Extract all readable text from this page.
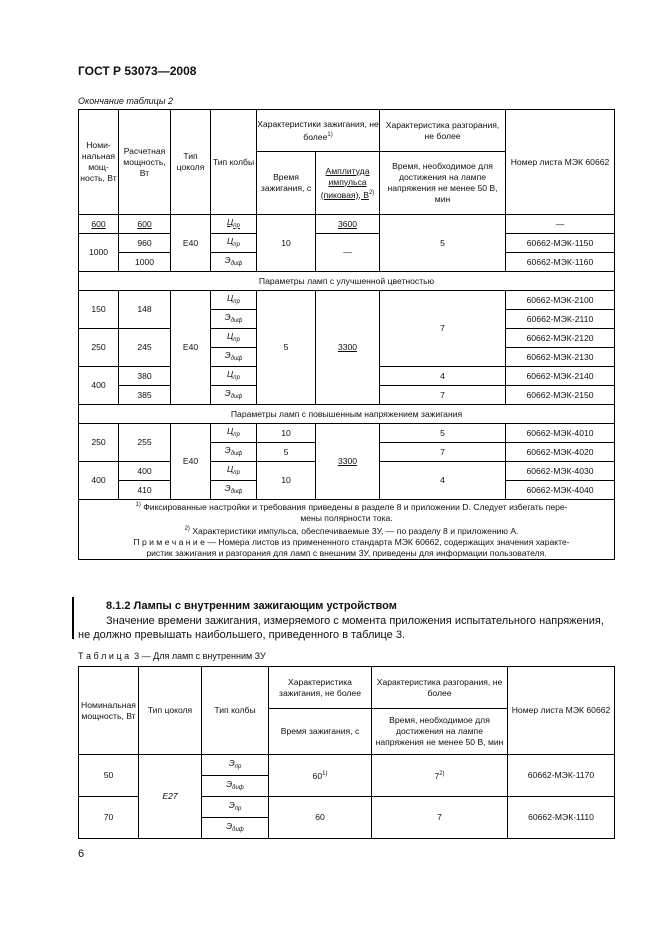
ГОСТ Р 53073—2008
Окончание таблицы 2
Номи-нальная мощ-ность, Вт	Расчетная мощность, Вт	Тип цоколя	Тип колбы	Характеристики зажигания, не более$^{1)}$		Характеристика разгорания, не более	Номер листа МЭК 60662
				Время зажигания, с	Амплитуда импульса (пиковая), $В^{2)}$	Время, необходимое для достижения на лампе напряжения не менее 50 В, мин	
600	600	Е40	$Ц_{пр}$	10	3600	5	—
1000	960		$Ц_{пр}$		—		60662-МЭК-1150
	1000		$Э_{диф}$				60662-МЭК-1160
Параметры ламп с улучшенной цветностью							
150	148	Е40	$Ц_{пр}$	5	3300	7	60662-МЭК-2100
			$Э_{диф}$				60662-МЭК-2110
250	245		$Ц_{пр}$				60662-МЭК-2120
			$Э_{диф}$				60662-МЭК-2130
400	380		$Ц_{пр}$			4	60662-МЭК-2140
	385		$Э_{диф}$			7	60662-МЭК-2150
Параметры ламп с повышенным напряжением зажигания							
250	255	Е40	$Ц_{пр}$	10	3300	5	60662-МЭК-4010
			$Э_{диф}$	5		7	60662-МЭК-4020
400	400		$Ц_{пр}$	10		4	60662-МЭК-4030
	410		$Э_{диф}$				60662-МЭК-4040

$^{1)}$ Фиксированные настройки и требования приведены в разделе 8 и приложении D. Следует избегать пере-
мены полярности тока.
$^{2)}$ Характеристики импульса, обеспечиваемые ЗУ, — по разделу 8 и приложению А.
П р и м е ч а н и е — Номера листов из примененного стандарта МЭК 60662, содержащих значения характе-
ристик зажигания и разгорания для ламп с внешним ЗУ, приведены для информации пользователя.							
8.1.2 Лампы с внутренним зажигающим устройством
Значение времени зажигания, измеряемого с момента приложения испытательного напряжения,
не должно превышать наибольшего, приведенного в таблице 3.
Т а б л и ц а  3 — Для ламп с внутренним ЗУ
Номинальная мощность, Вт	Тип цоколя	Тип колбы	Характеристика зажигания, не более	Характеристика разгорания, не более	Номер листа МЭК 60662
			Время зажигания, с	Время, необходимое для достижения на лампе напряжения не менее 50 В, мин	
50	Е27	$Э_{пр}$	60$^{1)}$	7$^{2)}$	60662-МЭК-1170
		$Э_{диф}$
70		$Э_{пр}$	60	7	60662-МЭК-1110
		$Э_{диф}$
6
